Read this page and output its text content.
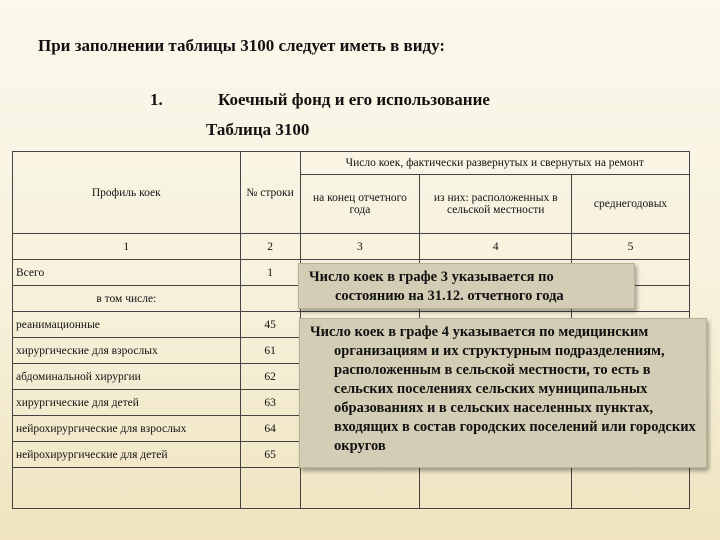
При заполнении таблицы 3100 следует иметь в виду:
1.	Коечный фонд и его использование
Таблица 3100
Профиль коек	№ строки	Число коек, фактически развернутых и свернутых на ремонт		
		на конец отчетного года	из них: расположенных в сельской местности	среднегодовых
1	2	3	4	5
Всего	1			
в том числе:				
реанимационные	45			
хирургические для взрослых	61			
абдоминальной хирургии	62			
хирургические для детей	63			
нейрохирургические для взрослых	64			
нейрохирургические для детей	65			

Число коек в графе 3 указывается по
состоянию на 31.12. отчетного года
Число коек в графе 4 указывается по медицинским
организациям и их структурным подразделениям, расположенным в сельской местности, то есть в сельских поселениях сельских муниципальных образованиях и в сельских населенных пунктах, входящих в состав городских поселений или городских округов
